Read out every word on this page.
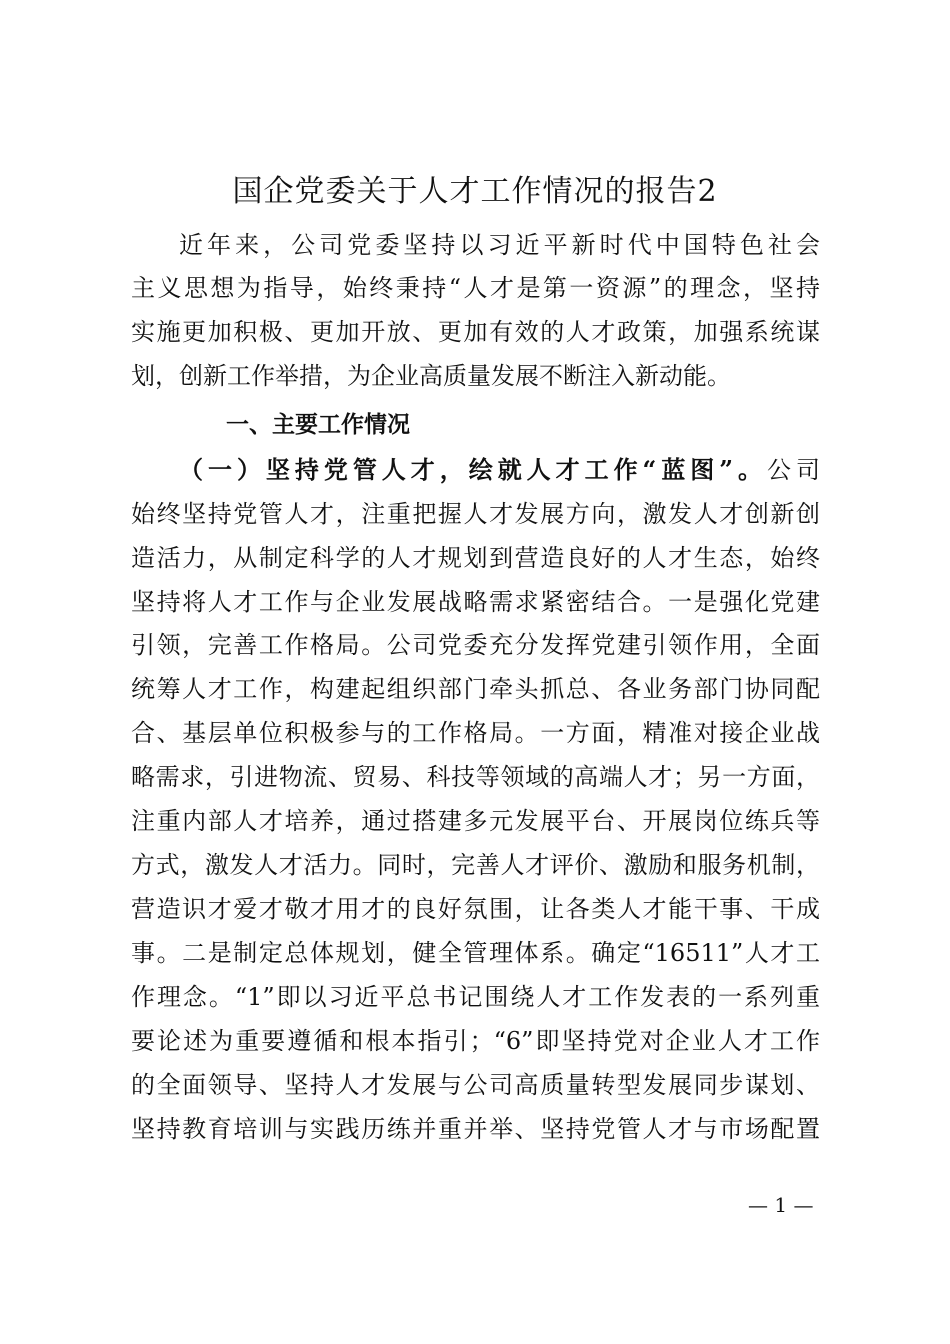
国企党委关于人才工作情况的报告2
近年来，公司党委坚持以习近平新时代中国特色社会
主义思想为指导，始终秉持“人才是第一资源”的理念，坚持
实施更加积极、更加开放、更加有效的人才政策，加强系统谋
划，创新工作举措，为企业高质量发展不断注入新动能。
一、主要工作情况
（一）坚持党管人才，绘就人才工作“蓝图”。公司
始终坚持党管人才，注重把握人才发展方向，激发人才创新创
造活力，从制定科学的人才规划到营造良好的人才生态，始终
坚持将人才工作与企业发展战略需求紧密结合。一是强化党建
引领，完善工作格局。公司党委充分发挥党建引领作用，全面
统筹人才工作，构建起组织部门牵头抓总、各业务部门协同配
合、基层单位积极参与的工作格局。一方面，精准对接企业战
略需求，引进物流、贸易、科技等领域的高端人才；另一方面，
注重内部人才培养，通过搭建多元发展平台、开展岗位练兵等
方式，激发人才活力。同时，完善人才评价、激励和服务机制，
营造识才爱才敬才用才的良好氛围，让各类人才能干事、干成
事。二是制定总体规划，健全管理体系。确定“16511”人才工
作理念。“1”即以习近平总书记围绕人才工作发表的一系列重
要论述为重要遵循和根本指引；“6”即坚持党对企业人才工作
的全面领导、坚持人才发展与公司高质量转型发展同步谋划、
坚持教育培训与实践历练并重并举、坚持党管人才与市场配置
— 1 —
